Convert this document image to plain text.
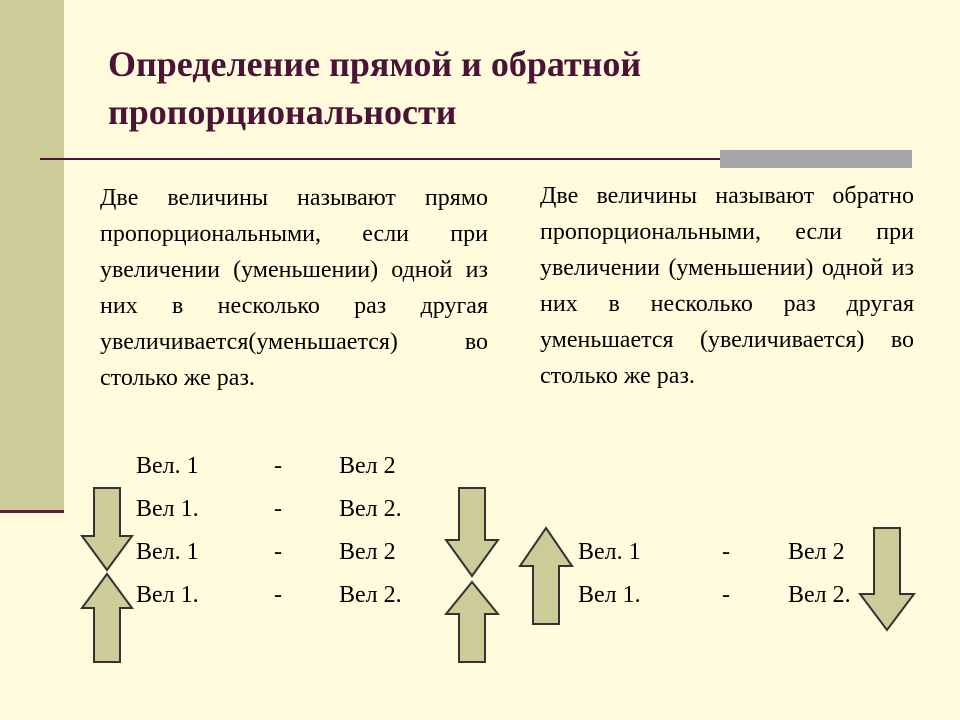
Определение прямой и обратной
пропорциональности

Двe величины называют прямо пропорциональными, если при увеличении (уменьшении) одной из них в несколько раз другая увеличивается(уменьшается) во столько же раз.

Две величины называют обратно пропорциональными, если при увеличении (уменьшении) одной из них в несколько раз другая уменьшается (увеличивается) во столько же раз.

Вел. 1	- Вел 2
Вел 1.	- Вел 2.
Вел. 1	- Вел 2
Вел 1.	- Вел 2.
Вел. 1	- Вел 2
Вел 1.	- Вел 2.
